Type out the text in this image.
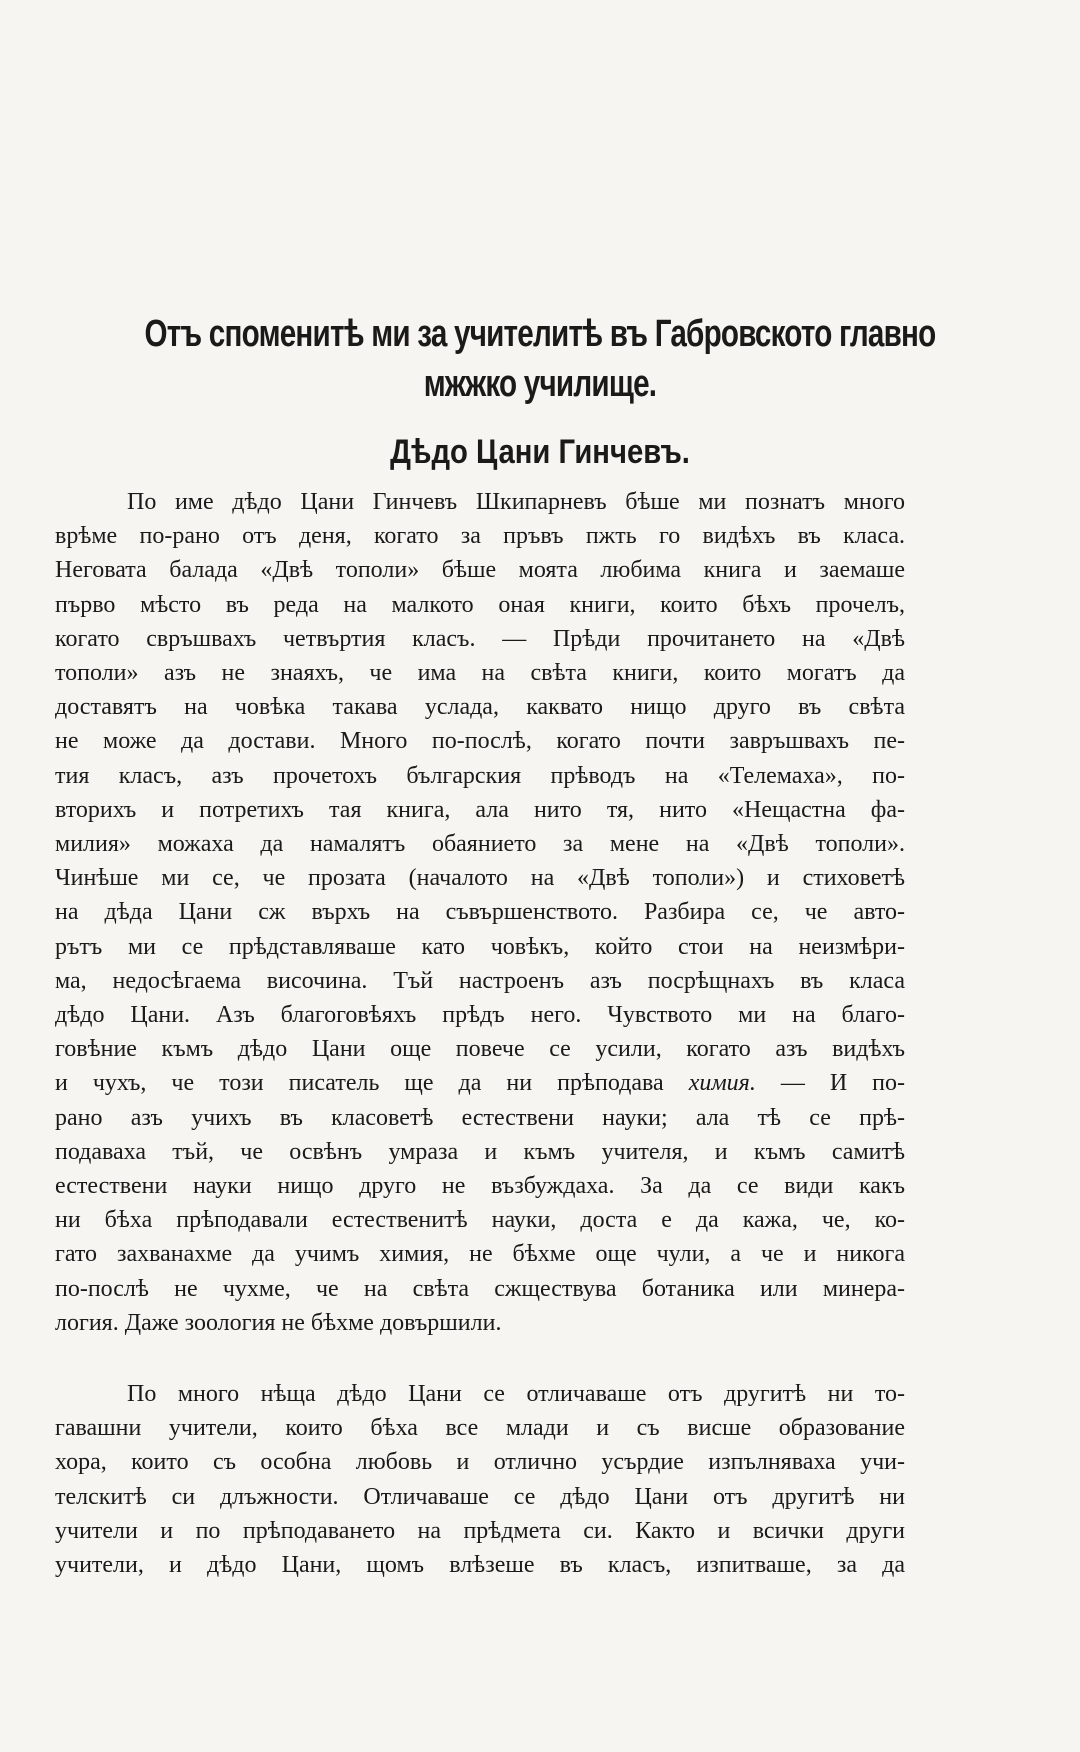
Отъ споменитѣ ми за учителитѣ въ Габровското главно
мжжко училище.
Дѣдо Цани Гинчевъ.
По име дѣдо Цани Гинчевъ Шкипарневъ бѣше ми познатъ много
врѣме по-рано отъ деня, когато за пръвъ пжть го видѣхъ въ класа.
Неговата балада «Двѣ тополи» бѣше моята любима книга и заемаше
първо мѣсто въ реда на малкото оная книги, които бѣхъ прочелъ,
когато свръшвахъ четвъртия класъ. — Прѣди прочитането на «Двѣ
тополи» азъ не знаяхъ, че има на свѣта книги, които могатъ да
доставятъ на човѣка такава услада, каквато нищо друго въ свѣта
не може да достави. Много по-послѣ, когато почти завръшвахъ пе-
тия класъ, азъ прочетохъ българския прѣводъ на «Телемаха», по-
вторихъ и потретихъ тая книга, ала нито тя, нито «Нещастна фа-
милия» можаха да намалятъ обаянието за мене на «Двѣ тополи».
Чинѣше ми се, че прозата (началото на «Двѣ тополи») и стиховетѣ
на дѣда Цани сж върхъ на съвършенството. Разбира се, че авто-
рътъ ми се прѣдставляваше като човѣкъ, който стои на неизмѣри-
ма, недосѣгаема височина. Тъй настроенъ азъ посрѣщнахъ въ класа
дѣдо Цани. Азъ благоговѣяхъ прѣдъ него. Чувството ми на благо-
говѣние къмъ дѣдо Цани още повече се усили, когато азъ видѣхъ
и чухъ, че този писатель ще да ни прѣподава химия. — И по-
рано азъ учихъ въ класоветѣ естествени науки; ала тѣ се прѣ-
подаваха тъй, че освѣнъ умраза и къмъ учителя, и къмъ самитѣ
естествени науки нищо друго не възбуждаха. За да се види какъ
ни бѣха прѣподавали естественитѣ науки, доста е да кажа, че, ко-
гато захванахме да учимъ химия, не бѣхме още чули, а че и никога
по-послѣ не чухме, че на свѣта сжществува ботаника или минера-
логия. Даже зоология не бѣхме довършили.
По много нѣща дѣдо Цани се отличаваше отъ другитѣ ни то-
гавашни учители, които бѣха все млади и съ висше образование
хора, които съ особна любовь и отлично усърдие изпълняваха учи-
телскитѣ си длъжности. Отличаваше се дѣдо Цани отъ другитѣ ни
учители и по прѣподаването на прѣдмета си. Както и всички други
учители, и дѣдо Цани, щомъ влѣзеше въ класъ, изпитваше, за да
